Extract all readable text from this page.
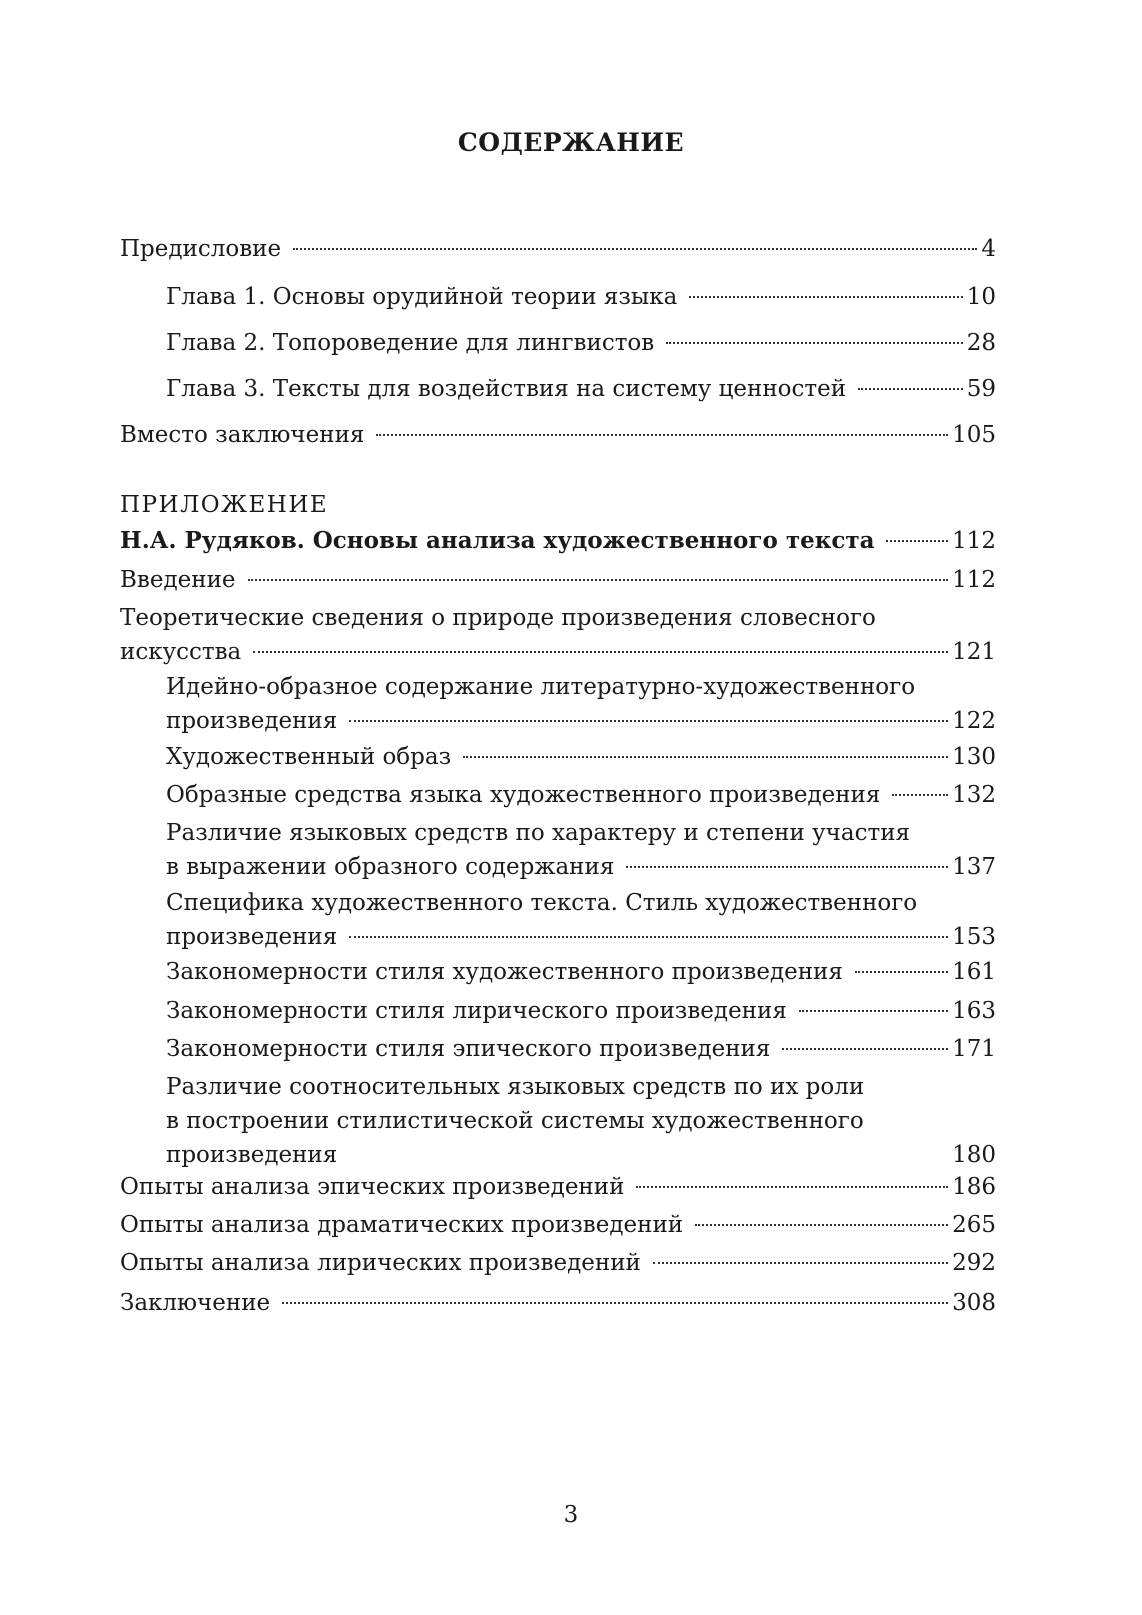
СОДЕРЖАНИЕ
Предисловие	4
Глава 1. Основы орудийной теории языка	10
Глава 2. Топороведение для лингвистов	28
Глава 3. Тексты для воздействия на систему ценностей	59
Вместо заключения	105
ПРИЛОЖЕНИЕ
Н.А. Рудяков. Основы анализа художественного текста	112
Введение	112
Теоретические сведения о природе произведения словесного
искусства	121
Идейно-образное содержание литературно-художественного
произведения	122
Художественный образ	130
Образные средства языка художественного произведения	132
Различие языковых средств по характеру и степени участия
в выражении образного содержания	137
Специфика художественного текста. Стиль художественного
произведения	153
Закономерности стиля художественного произведения	161
Закономерности стиля лирического произведения	163
Закономерности стиля эпического произведения	171
Различие соотносительных языковых средств по их роли
в построении стилистической системы художественного
произведения	180
Опыты анализа эпических произведений	186
Опыты анализа драматических произведений	265
Опыты анализа лирических произведений	292
Заключение	308
3
